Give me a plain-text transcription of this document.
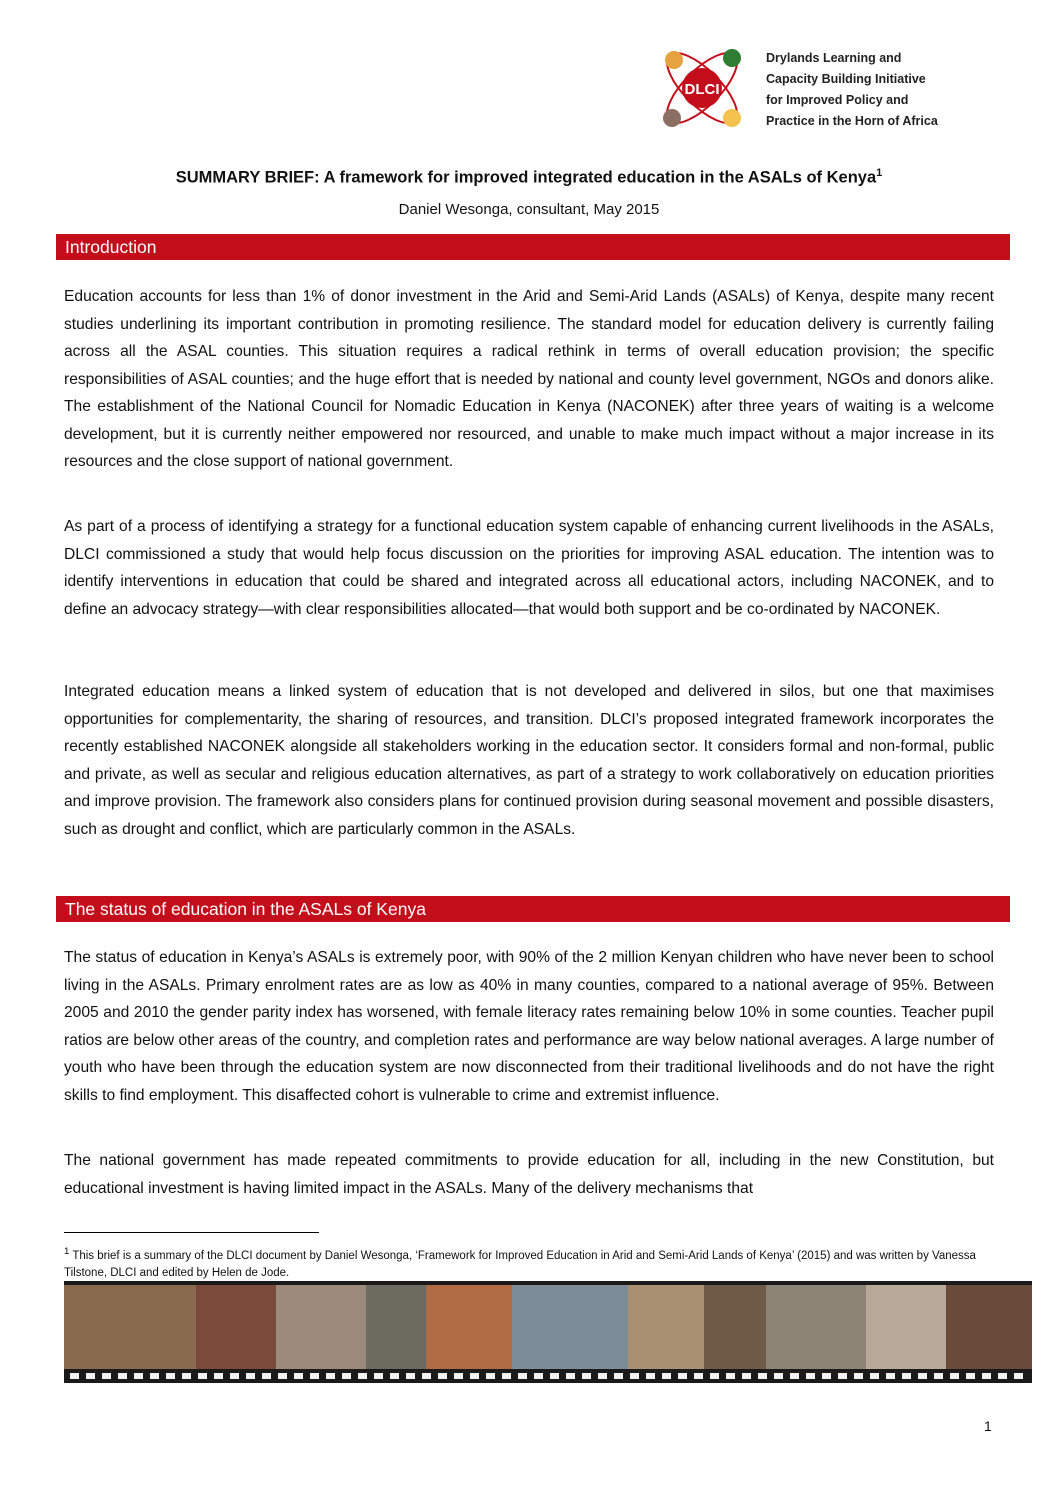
DLCI
Drylands Learning and
Capacity Building Initiative
for Improved Policy and
Practice in the Horn of Africa
SUMMARY BRIEF: A framework for improved integrated education in the ASALs of Kenya$^1$
Daniel Wesonga, consultant, May 2015
Introduction
Education accounts for less than 1% of donor investment in the Arid and Semi-Arid Lands (ASALs) of Kenya, despite many recent studies underlining its important contribution in promoting resilience. The standard model for education delivery is currently failing across all the ASAL counties. This situation requires a radical rethink in terms of overall education provision; the specific responsibilities of ASAL counties; and the huge effort that is needed by national and county level government, NGOs and donors alike. The establishment of the National Council for Nomadic Education in Kenya (NACONEK) after three years of waiting is a welcome development, but it is currently neither empowered nor resourced, and unable to make much impact without a major increase in its resources and the close support of national government.
As part of a process of identifying a strategy for a functional education system capable of enhancing current livelihoods in the ASALs, DLCI commissioned a study that would help focus discussion on the priorities for improving ASAL education. The intention was to identify interventions in education that could be shared and integrated across all educational actors, including NACONEK, and to define an advocacy strategy—with clear responsibilities allocated—that would both support and be co-ordinated by NACONEK.
Integrated education means a linked system of education that is not developed and delivered in silos, but one that maximises opportunities for complementarity, the sharing of resources, and transition. DLCI’s proposed integrated framework incorporates the recently established NACONEK alongside all stakeholders working in the education sector. It considers formal and non-formal, public and private, as well as secular and religious education alternatives, as part of a strategy to work collaboratively on education priorities and improve provision. The framework also considers plans for continued provision during seasonal movement and possible disasters, such as drought and conflict, which are particularly common in the ASALs.
The status of education in the ASALs of Kenya
The status of education in Kenya’s ASALs is extremely poor, with 90% of the 2 million Kenyan children who have never been to school living in the ASALs. Primary enrolment rates are as low as 40% in many counties, compared to a national average of 95%. Between 2005 and 2010 the gender parity index has worsened, with female literacy rates remaining below 10% in some counties. Teacher pupil ratios are below other areas of the country, and completion rates and performance are way below national averages. A large number of youth who have been through the education system are now disconnected from their traditional livelihoods and do not have the right skills to find employment. This disaffected cohort is vulnerable to crime and extremist influence.
The national government has made repeated commitments to provide education for all, including in the new Constitution, but educational investment is having limited impact in the ASALs. Many of the delivery mechanisms that
$^1$ This brief is a summary of the DLCI document by Daniel Wesonga, ‘Framework for Improved Education in Arid and Semi-Arid Lands of Kenya’ (2015) and was written by Vanessa Tilstone, DLCI and edited by Helen de Jode.
1
